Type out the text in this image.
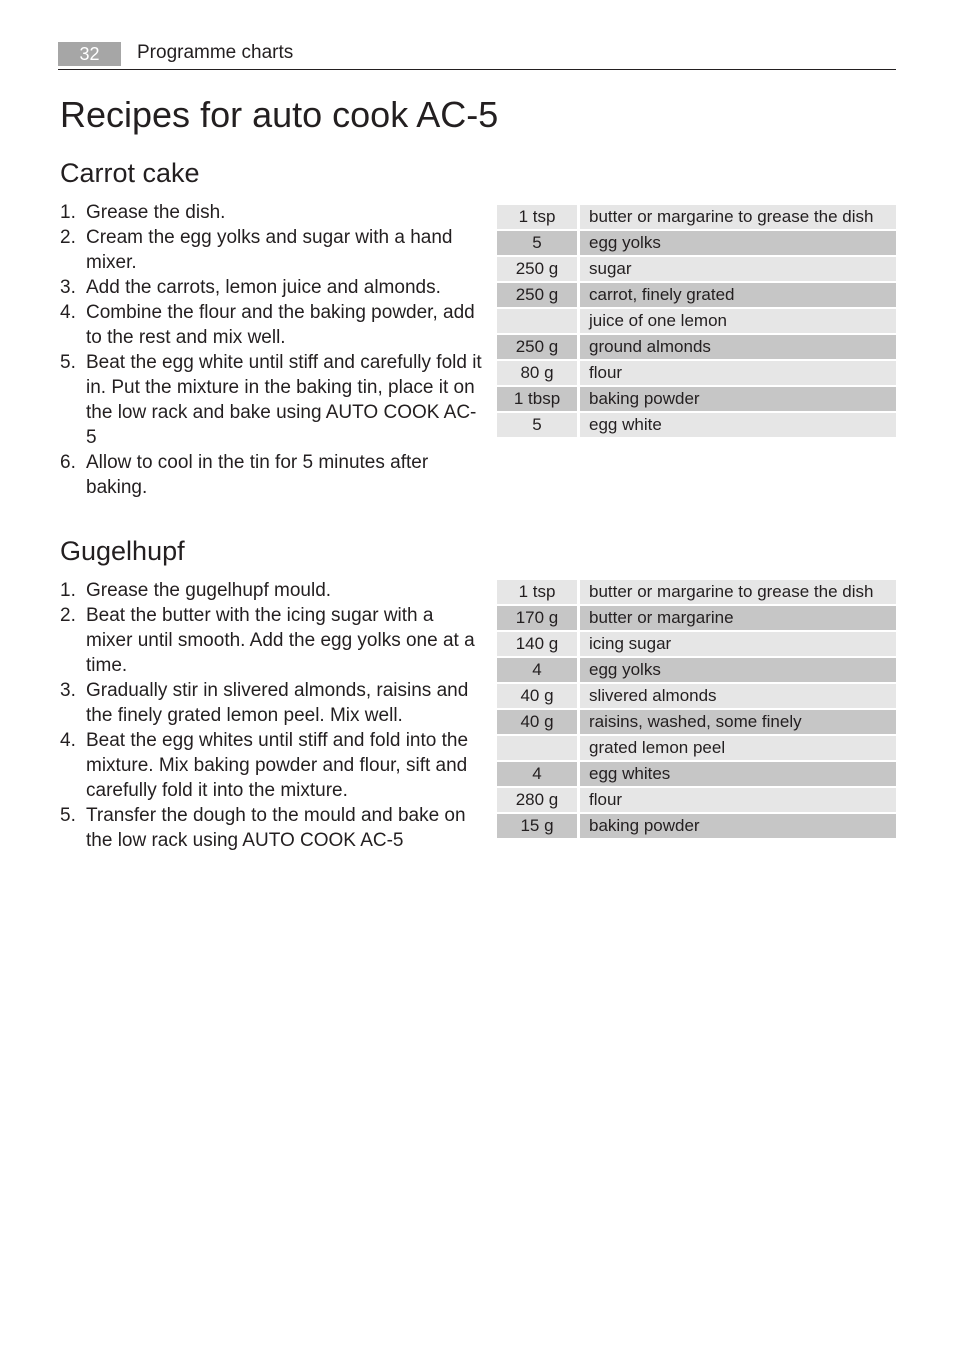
32	Programme charts
Recipes for auto cook AC-5
Carrot cake
1. Grease the dish.
2. Cream the egg yolks and sugar with a hand mixer.
3. Add the carrots, lemon juice and almonds.
4. Combine the flour and the baking powder, add to the rest and mix well.
5. Beat the egg white until stiff and carefully fold it in. Put the mixture in the baking tin, place it on the low rack and bake using AUTO COOK AC-5
6. Allow to cool in the tin for 5 minutes after baking.
1 tsp	butter or margarine to grease the dish
5	egg yolks
250 g	sugar
250 g	carrot, finely grated
	juice of one lemon
250 g	ground almonds
80 g	flour
1 tbsp	baking powder
5	egg white
Gugelhupf
1. Grease the gugelhupf mould.
2. Beat the butter with the icing sugar with a mixer until smooth. Add the egg yolks one at a time.
3. Gradually stir in slivered almonds, raisins and the finely grated lemon peel. Mix well.
4. Beat the egg whites until stiff and fold into the mixture. Mix baking powder and flour, sift and carefully fold it into the mixture.
5. Transfer the dough to the mould and bake on the low rack using AUTO COOK AC-5
1 tsp	butter or margarine to grease the dish
170 g	butter or margarine
140 g	icing sugar
4	egg yolks
40 g	slivered almonds
40 g	raisins, washed, some finely
	grated lemon peel
4	egg whites
280 g	flour
15 g	baking powder
